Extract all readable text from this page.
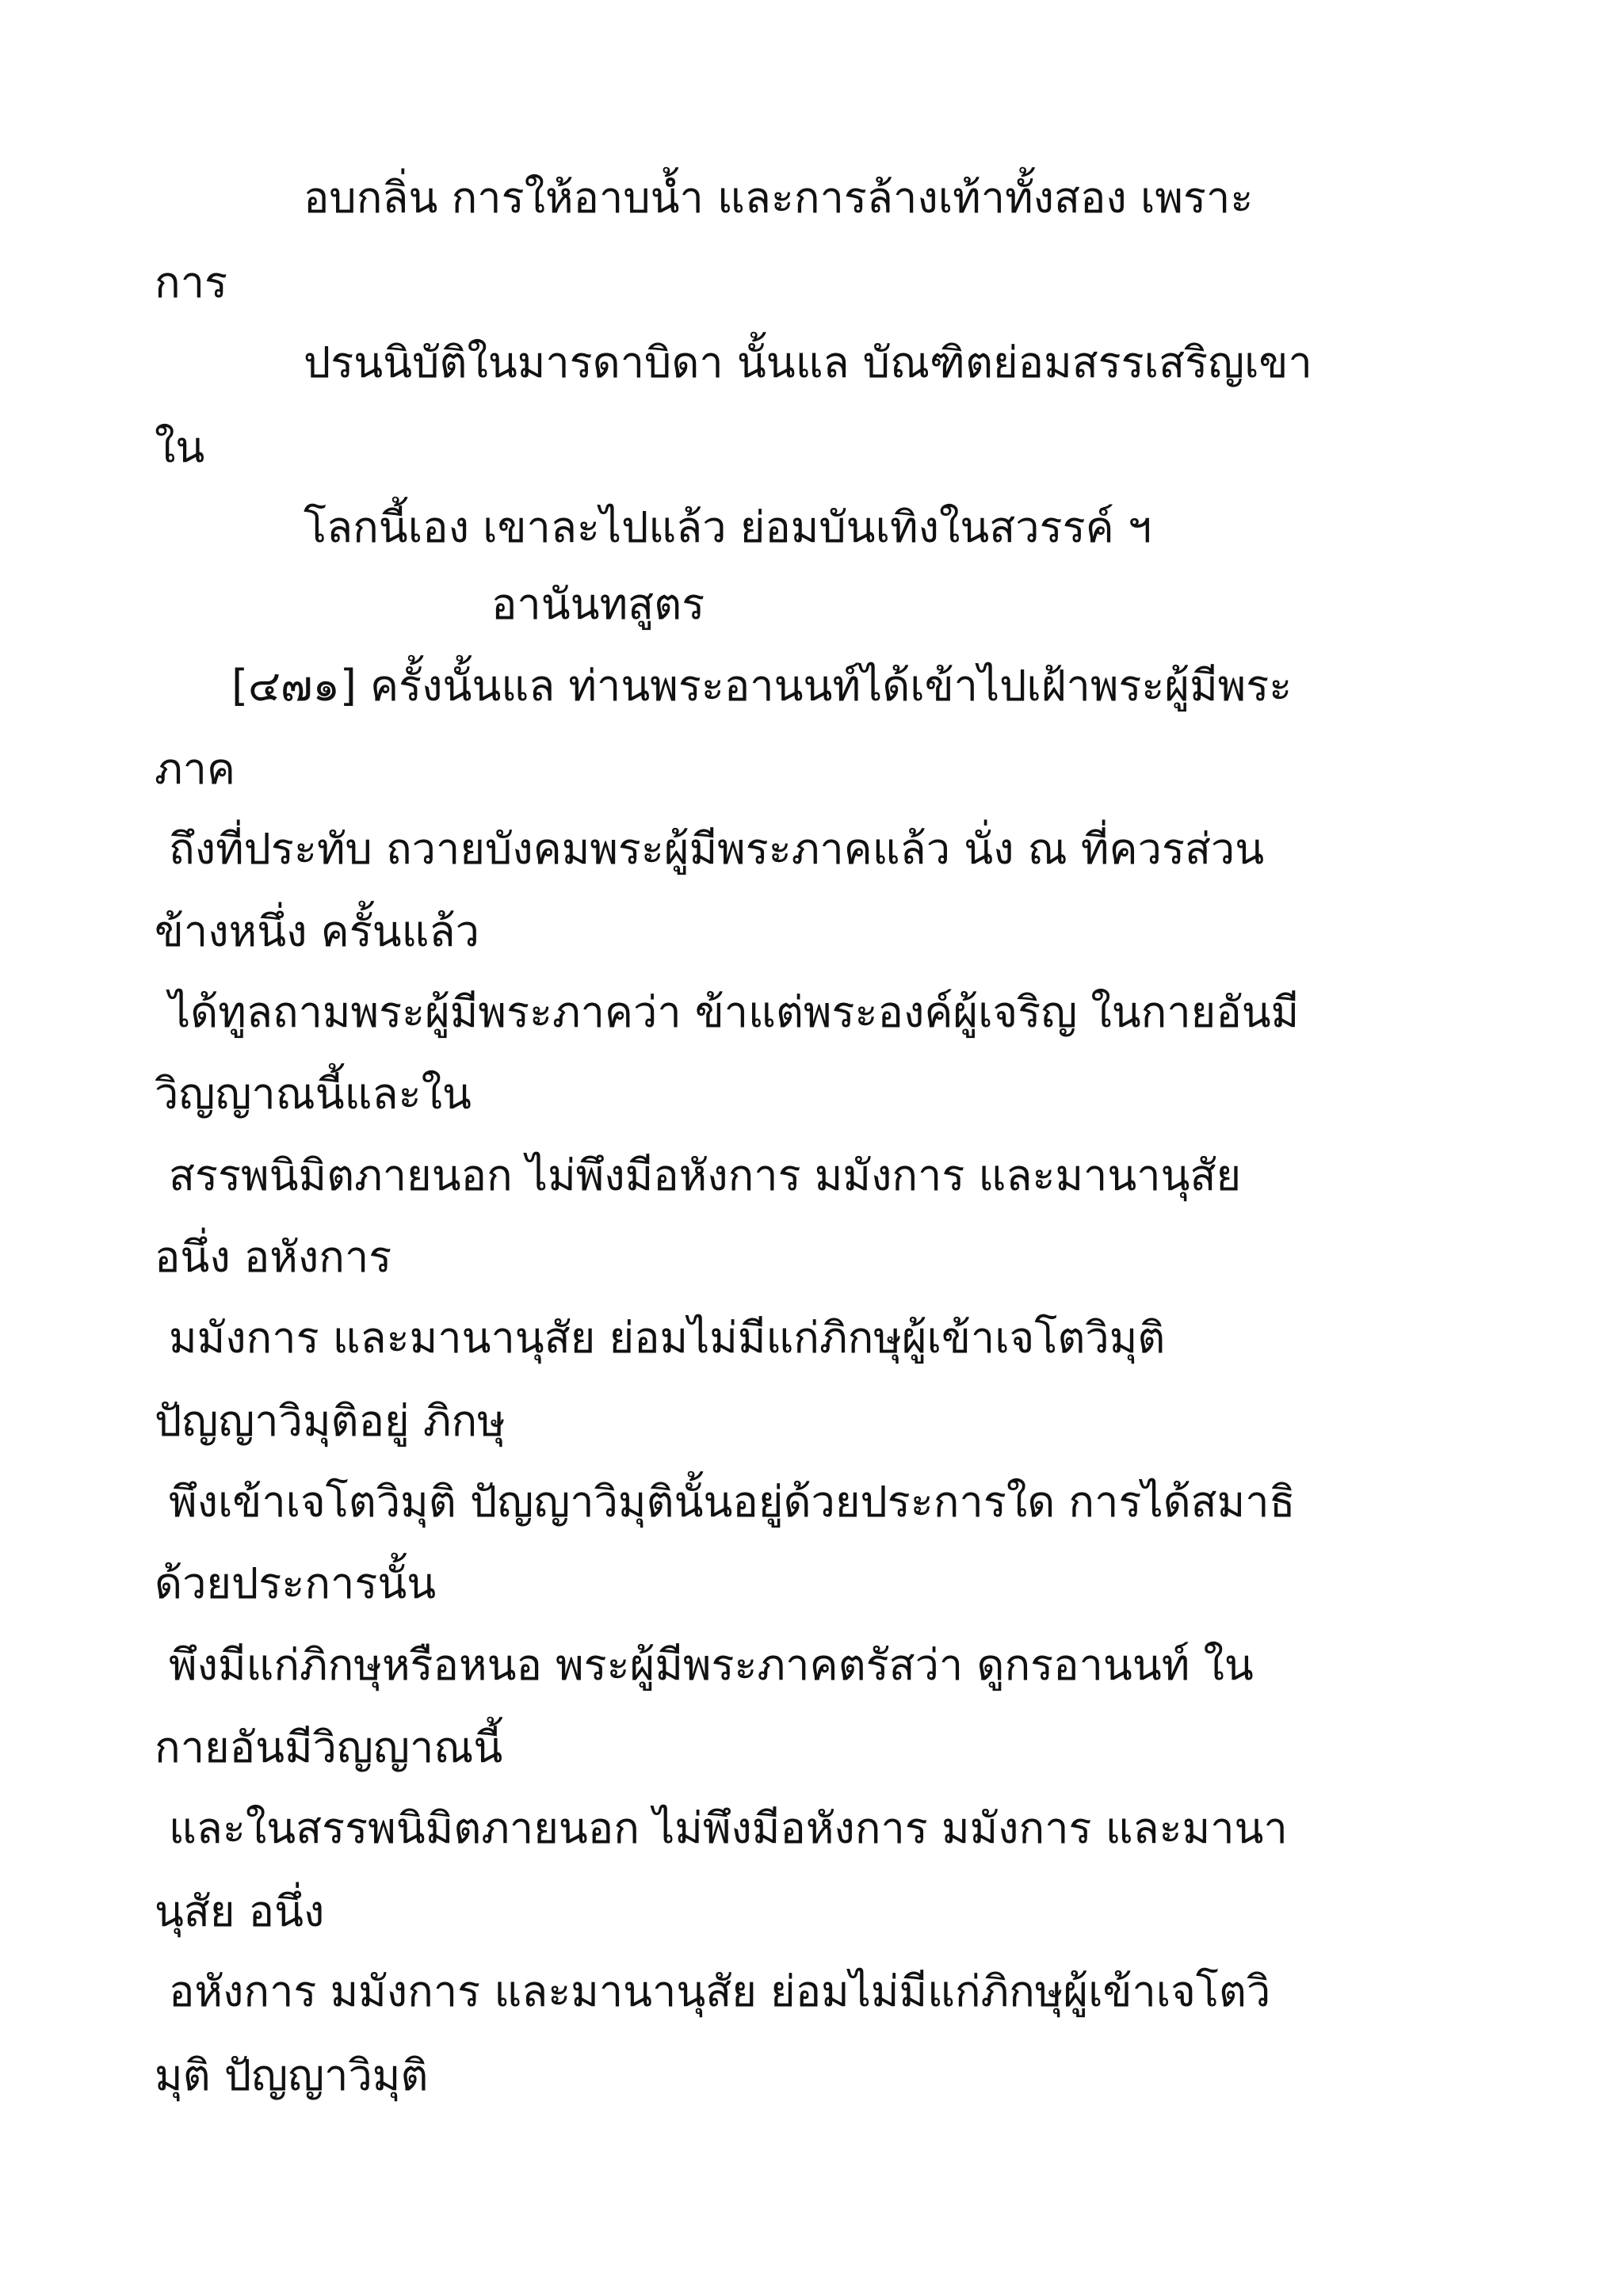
อบกลิ่น การให้อาบน้ำ และการล้างเท้าทั้งสอง เพราะ
การ
ปรนนิบัติในมารดาบิดา นั้นแล บัณฑิตย่อมสรรเสริญเขา
ใน
โลกนี้เอง เขาละไปแล้ว ย่อมบันเทิงในสวรรค์ ฯ
อานันทสูตร
[๔๗๑] ครั้งนั้นแล ท่านพระอานนท์ได้เข้าไปเฝ้าพระผู้มีพระ
ภาค
ถึงที่ประทับ ถวายบังคมพระผู้มีพระภาคแล้ว นั่ง ณ ที่ควรส่วน
ข้างหนึ่ง ครั้นแล้ว
ได้ทูลถามพระผู้มีพระภาคว่า ข้าแต่พระองค์ผู้เจริญ ในกายอันมี
วิญญาณนี้และใน
สรรพนิมิตภายนอก ไม่พึงมีอหังการ มมังการ และมานานุสัย
อนึ่ง อหังการ
มมังการ และมานานุสัย ย่อมไม่มีแก่ภิกษุผู้เข้าเจโตวิมุติ
ปัญญาวิมุติอยู่ ภิกษุ
พึงเข้าเจโตวิมุติ ปัญญาวิมุตินั้นอยู่ด้วยประการใด การได้สมาธิ
ด้วยประการนั้น
พึงมีแก่ภิกษุหรือหนอ พระผู้มีพระภาคตรัสว่า ดูกรอานนท์ ใน
กายอันมีวิญญาณนี้
และในสรรพนิมิตภายนอก ไม่พึงมีอหังการ มมังการ และมานา
นุสัย อนึ่ง
อหังการ มมังการ และมานานุสัย ย่อมไม่มีแก่ภิกษุผู้เข้าเจโตวิ
มุติ ปัญญาวิมุติ
